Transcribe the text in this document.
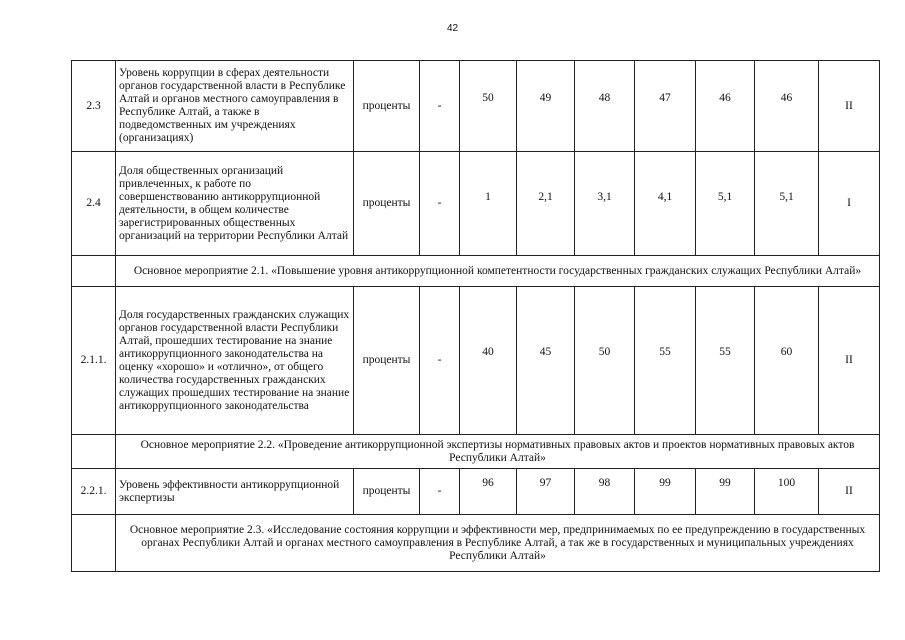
42
2.3	Уровень коррупции в сферах деятельности органов государственной власти в Республике Алтай и органов местного самоуправления в Республике Алтай, а также в подведомственных им учреждениях (организациях)	проценты	-	50	49	48	47	46	46	II
2.4	Доля общественных организаций привлеченных, к работе по совершенствованию антикоррупционной деятельности, в общем количестве зарегистрированных общественных организаций на территории Республики Алтай	проценты	-	1	2,1	3,1	4,1	5,1	5,1	I
	Основное мероприятие 2.1. «Повышение уровня антикоррупционной компетентности государственных гражданских служащих Республики Алтай»									
2.1.1.	Доля государственных гражданских служащих органов государственной власти Республики Алтай, прошедших тестирование на знание антикоррупционного законодательства на оценку «хорошо» и «отлично», от общего количества государственных гражданских служащих прошедших тестирование на знание антикоррупционного законодательства	проценты	-	40	45	50	55	55	60	II
	Основное мероприятие 2.2. «Проведение антикоррупционной экспертизы нормативных правовых актов и проектов нормативных правовых актов Республики Алтай»									
2.2.1.	Уровень эффективности антикоррупционной экспертизы	проценты	-	96	97	98	99	99	100	II
	Основное мероприятие 2.3. «Исследование состояния коррупции и эффективности мер, предпринимаемых по ее предупреждению в государственных органах Республики Алтай и органах местного самоуправления в Республике Алтай, а так же в государственных и муниципальных учреждениях Республики Алтай»									
